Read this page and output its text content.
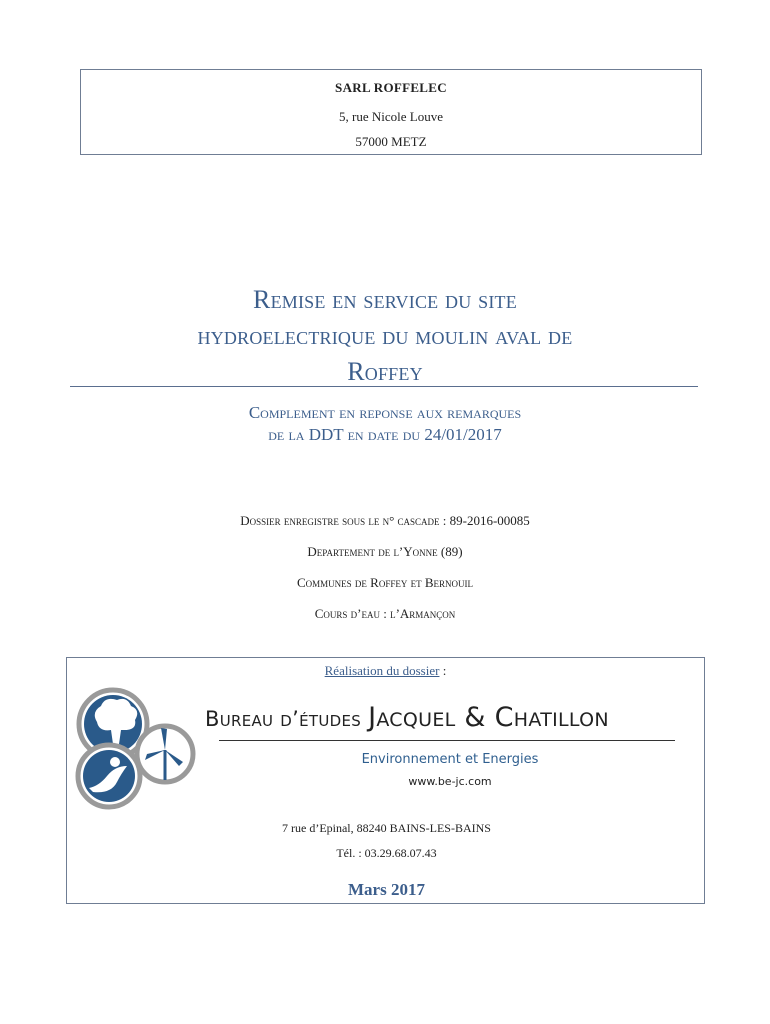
SARL ROFFELEC
5, rue Nicole Louve
57000 METZ
Remise en service du site
hydroelectrique du moulin aval de
Roffey
Complement en reponse aux remarques
de la DDT en date du 24/01/2017
Dossier enregistre sous le n° cascade : 89-2016-00085
Departement de l’Yonne (89)
Communes de Roffey et Bernouil
Cours d’eau : l’Armançon
Réalisation du dossier :
Bureau d’études Jacquel & Chatillon
Environnement et Energies
www.be-jc.com
7 rue d’Epinal, 88240 BAINS-LES-BAINS
Tél. : 03.29.68.07.43
Mars 2017
